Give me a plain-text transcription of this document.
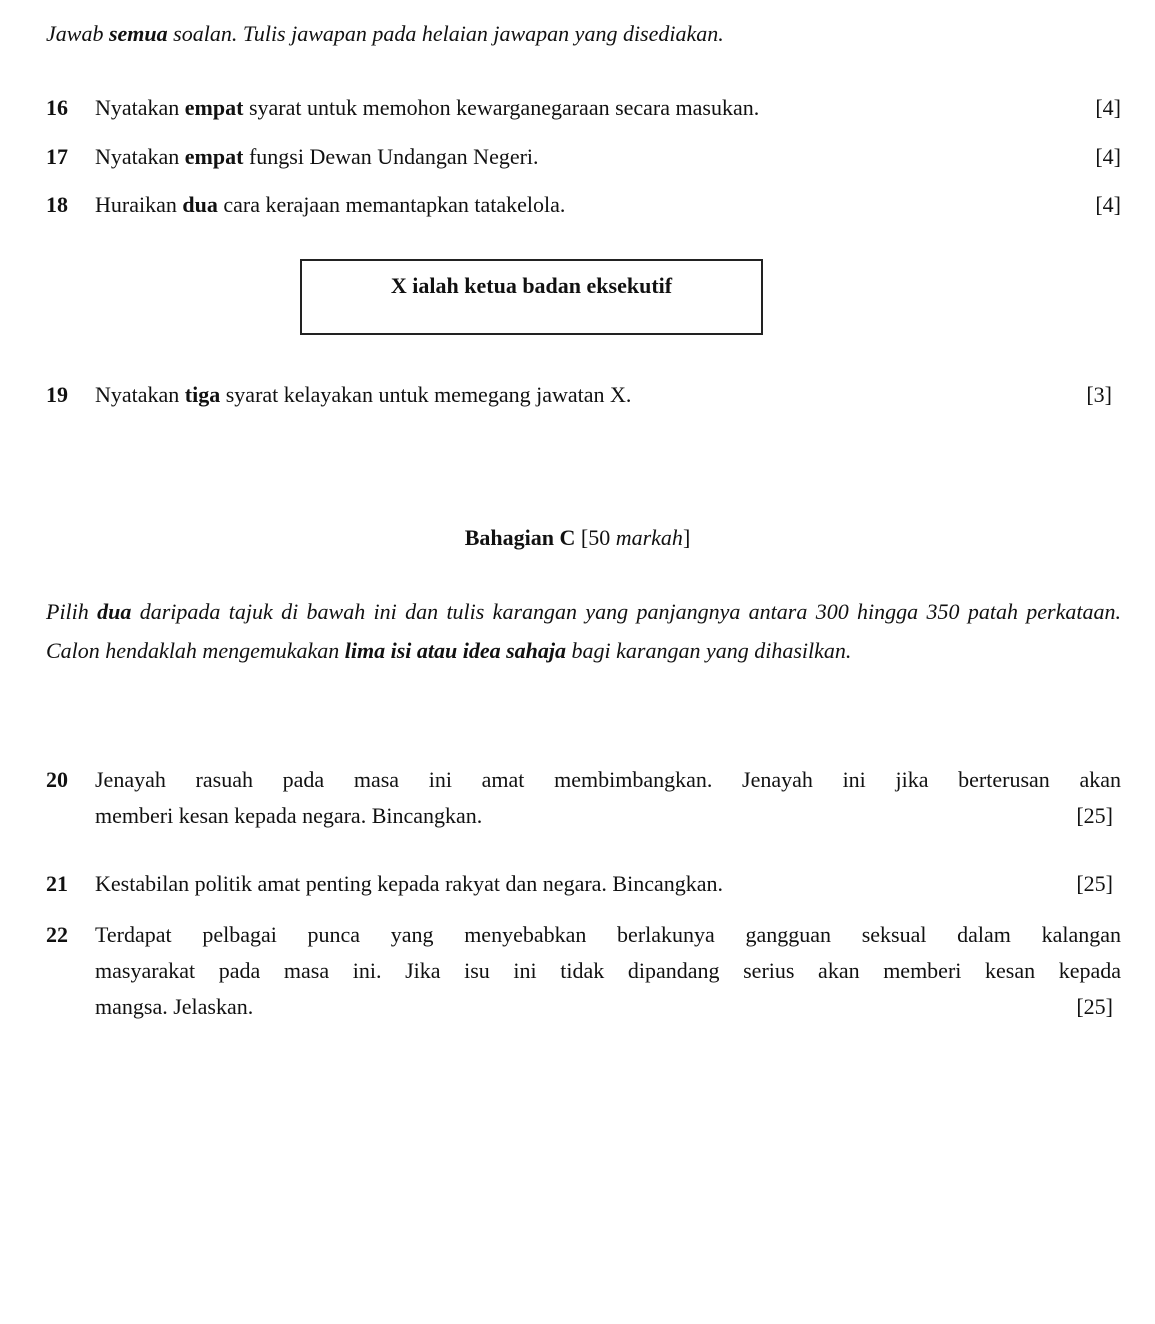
Jawab semua soalan. Tulis jawapan pada helaian jawapan yang disediakan.
16 Nyatakan empat syarat untuk memohon kewarganegaraan secara masukan.	[4]
17 Nyatakan empat fungsi Dewan Undangan Negeri.	[4]
18 Huraikan dua cara kerajaan memantapkan tatakelola.	[4]
X ialah ketua badan eksekutif
19 Nyatakan tiga syarat kelayakan untuk memegang jawatan X.	[3]
Bahagian C [50 markah]
Pilih dua daripada tajuk di bawah ini dan tulis karangan yang panjangnya antara 300 hingga 350 patah perkataan. Calon hendaklah mengemukakan lima isi atau idea sahaja bagi karangan yang dihasilkan.
20 Jenayah rasuah pada masa ini amat membimbangkan. Jenayah ini jika berterusan akan
memberi kesan kepada negara. Bincangkan.	[25]
21 Kestabilan politik amat penting kepada rakyat dan negara. Bincangkan.	[25]
22 Terdapat pelbagai punca yang menyebabkan berlakunya gangguan seksual dalam kalangan
masyarakat pada masa ini. Jika isu ini tidak dipandang serius akan memberi kesan kepada
mangsa. Jelaskan.	[25]
